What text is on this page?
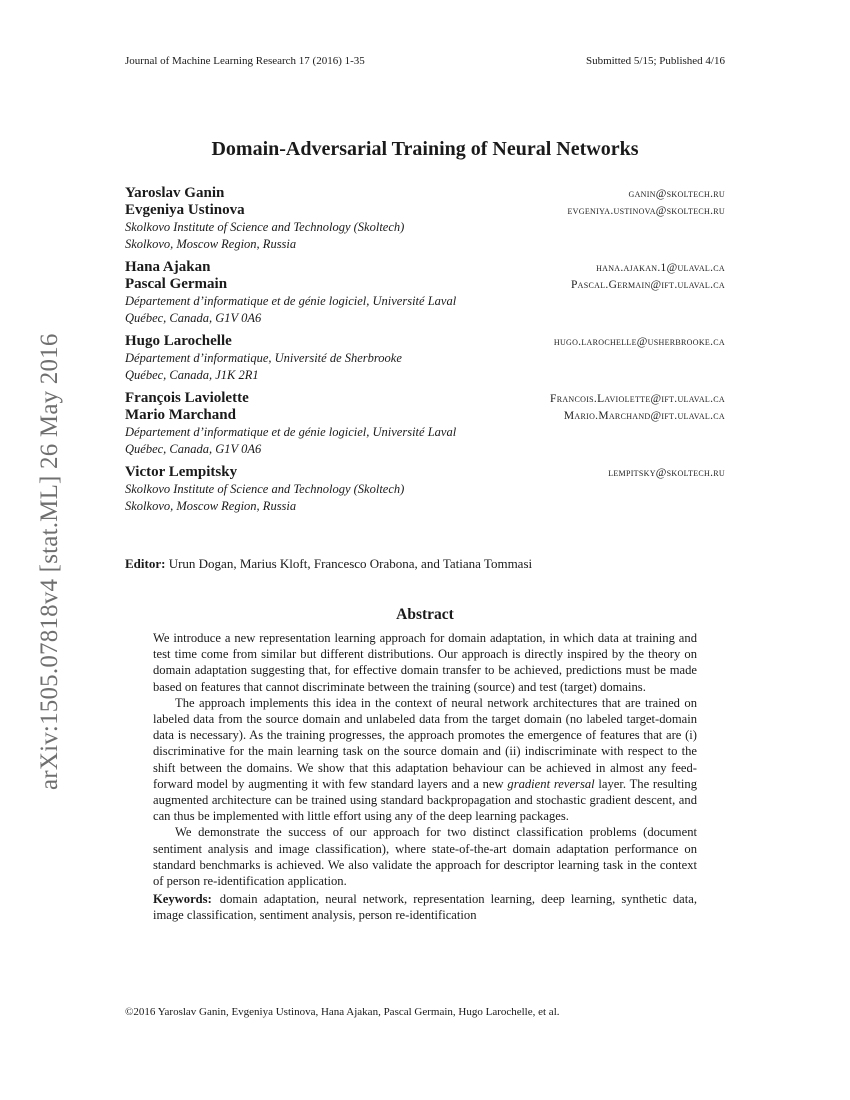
Journal of Machine Learning Research 17 (2016) 1-35	Submitted 5/15; Published 4/16
arXiv:1505.07818v4 [stat.ML] 26 May 2016
Domain-Adversarial Training of Neural Networks
Yaroslav Ganin	ganin@skoltech.ru
Evgeniya Ustinova	evgeniya.ustinova@skoltech.ru
Skolkovo Institute of Science and Technology (Skoltech)
Skolkovo, Moscow Region, Russia
Hana Ajakan	hana.ajakan.1@ulaval.ca
Pascal Germain	Pascal.Germain@ift.ulaval.ca
Département d’informatique et de génie logiciel, Université Laval
Québec, Canada, G1V 0A6
Hugo Larochelle	hugo.larochelle@usherbrooke.ca
Département d’informatique, Université de Sherbrooke
Québec, Canada, J1K 2R1
François Laviolette	Francois.Laviolette@ift.ulaval.ca
Mario Marchand	Mario.Marchand@ift.ulaval.ca
Département d’informatique et de génie logiciel, Université Laval
Québec, Canada, G1V 0A6
Victor Lempitsky	lempitsky@skoltech.ru
Skolkovo Institute of Science and Technology (Skoltech)
Skolkovo, Moscow Region, Russia
Editor: Urun Dogan, Marius Kloft, Francesco Orabona, and Tatiana Tommasi
Abstract

We introduce a new representation learning approach for domain adaptation, in which data at training and test time come from similar but different distributions. Our approach is directly inspired by the theory on domain adaptation suggesting that, for effective domain transfer to be achieved, predictions must be made based on features that cannot discriminate between the training (source) and test (target) domains.

The approach implements this idea in the context of neural network architectures that are trained on labeled data from the source domain and unlabeled data from the target domain (no labeled target-domain data is necessary). As the training progresses, the approach promotes the emergence of features that are (i) discriminative for the main learning task on the source domain and (ii) indiscriminate with respect to the shift between the domains. We show that this adaptation behaviour can be achieved in almost any feed-forward model by augmenting it with few standard layers and a new gradient reversal layer. The resulting augmented architecture can be trained using standard backpropagation and stochastic gradient descent, and can thus be implemented with little effort using any of the deep learning packages.

We demonstrate the success of our approach for two distinct classification problems (document sentiment analysis and image classification), where state-of-the-art domain adaptation performance on standard benchmarks is achieved. We also validate the approach for descriptor learning task in the context of person re-identification application.

Keywords: domain adaptation, neural network, representation learning, deep learning, synthetic data, image classification, sentiment analysis, person re-identification
©2016 Yaroslav Ganin, Evgeniya Ustinova, Hana Ajakan, Pascal Germain, Hugo Larochelle, et al.
